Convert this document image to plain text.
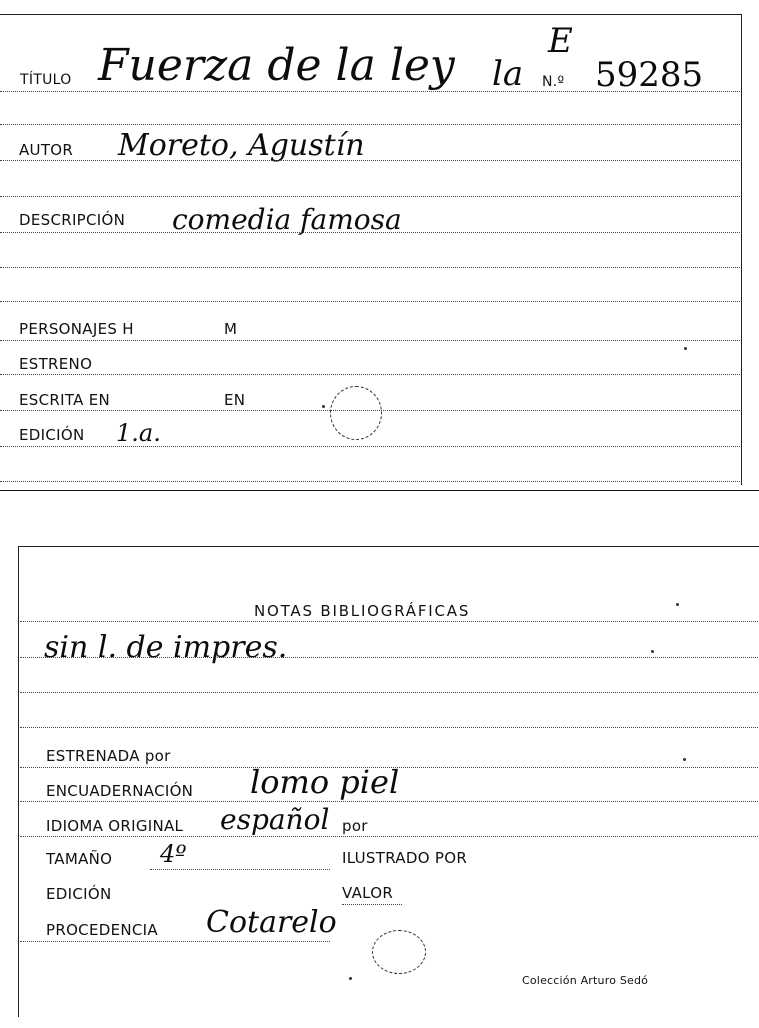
E
TÍTULO Fuerza de la ley la N.º 59285
AUTOR Moreto, Agustín
DESCRIPCIÓN comedia famosa
PERSONAJES H	M
ESTRENO
ESCRITA EN	EN
EDICIÓN 1.a.
NOTAS BIBLIOGRÁFICAS
sin l. de impres.
ESTRENADA por
ENCUADERNACIÓN lomo piel
IDIOMA ORIGINAL español por
TAMAÑO 4º	ILUSTRADO POR
EDICIÓN	VALOR
PROCEDENCIA Cotarelo
Colección Arturo Sedó
